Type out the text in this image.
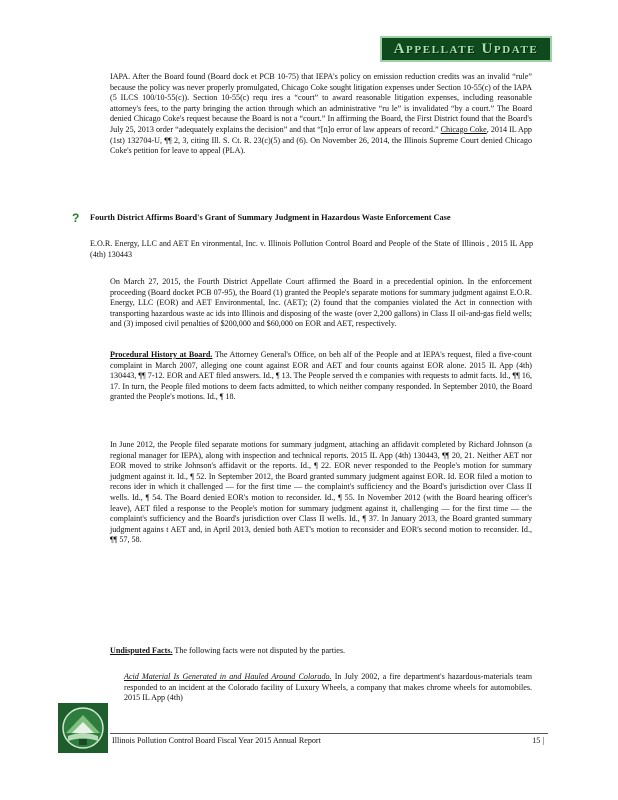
Appellate Update

IAPA. After the Board found (Board dock et PCB 10-75) that IEPA's policy on emission reduction credits was an invalid “rule” because the policy was never properly promulgated, Chicago Coke sought litigation expenses under Section 10-55(c) of the IAPA (5 ILCS 100/10-55(c)). Section 10-55(c) requ ires a “court” to award reasonable litigation expenses, including reasonable attorney's fees, to the party bringing the action through which an administrative “ru le” is invalidated “by a court.” The Board denied Chicago Coke's request because the Board is not a “court.” In affirming the Board, the First District found that the Board's July 25, 2013 order “adequately explains the decision” and that “[n]o error of law appears of record.” Chicago Coke, 2014 IL App (1st) 132704-U, ¶¶ 2, 3, citing Ill. S. Ct. R. 23(c)(5) and (6). On November 26, 2014, the Illinois Supreme Court denied Chicago Coke's petition for leave to appeal (PLA).

? Fourth District Affirms Board's Grant of Summary Judgment in Hazardous Waste Enforcement Case

E.O.R. Energy, LLC and AET En vironmental, Inc. v. Illinois Pollution Control Board and People of the State of Illinois , 2015 IL App (4th) 130443

On March 27, 2015, the Fourth District Appellate Court affirmed the Board in a precedential opinion. In the enforcement proceeding (Board docket PCB 07-95), the Board (1) granted the People's separate motions for summary judgment against E.O.R. Energy, LLC (EOR) and AET Environmental, Inc. (AET); (2) found that the companies violated the Act in connection with transporting hazardous waste ac ids into Illinois and disposing of the waste (over 2,200 gallons) in Class II oil-and-gas field wells; and (3) imposed civil penalties of $200,000 and $60,000 on EOR and AET, respectively.

Procedural History at Board. The Attorney General's Office, on beh alf of the People and at IEPA's request, filed a five-count complaint in March 2007, alleging one count against EOR and AET and four counts against EOR alone. 2015 IL App (4th) 130443, ¶¶ 7-12. EOR and AET filed answers. Id., ¶ 13. The People served th e companies with requests to admit facts. Id., ¶¶ 16, 17. In turn, the People filed motions to deem facts admitted, to which neither company responded. In September 2010, the Board granted the People's motions. Id., ¶ 18.

In June 2012, the People filed separate motions for summary judgment, attaching an affidavit completed by Richard Johnson (a regional manager for IEPA), along with inspection and technical reports. 2015 IL App (4th) 130443, ¶¶ 20, 21. Neither AET nor EOR moved to strike Johnson's affidavit or the reports. Id., ¶ 22. EOR never responded to the People's motion for summary judgment against it. Id., ¶ 52. In September 2012, the Board granted summary judgment against EOR. Id. EOR filed a motion to recons ider in which it challenged — for the first time — the complaint's sufficiency and the Board's jurisdiction over Class II wells. Id., ¶ 54. The Board denied EOR's motion to reconsider. Id., ¶ 55. In November 2012 (with the Board hearing officer's leave), AET filed a response to the People's motion for summary judgment against it, challenging — for the first time — the complaint's sufficiency and the Board's jurisdiction over Class II wells. Id., ¶ 37. In January 2013, the Board granted summary judgment agains t AET and, in April 2013, denied both AET's motion to reconsider and EOR's second motion to reconsider. Id., ¶¶ 57, 58.

Undisputed Facts. The following facts were not disputed by the parties.

Acid Material Is Generated in and Hauled Around Colorado. In July 2002, a fire department's hazardous-materials team responded to an incident at the Colorado facility of Luxury Wheels, a company that makes chrome wheels for automobiles. 2015 IL App (4th)

Illinois Pollution Control Board Fiscal Year 2015 Annual Report	15 |
